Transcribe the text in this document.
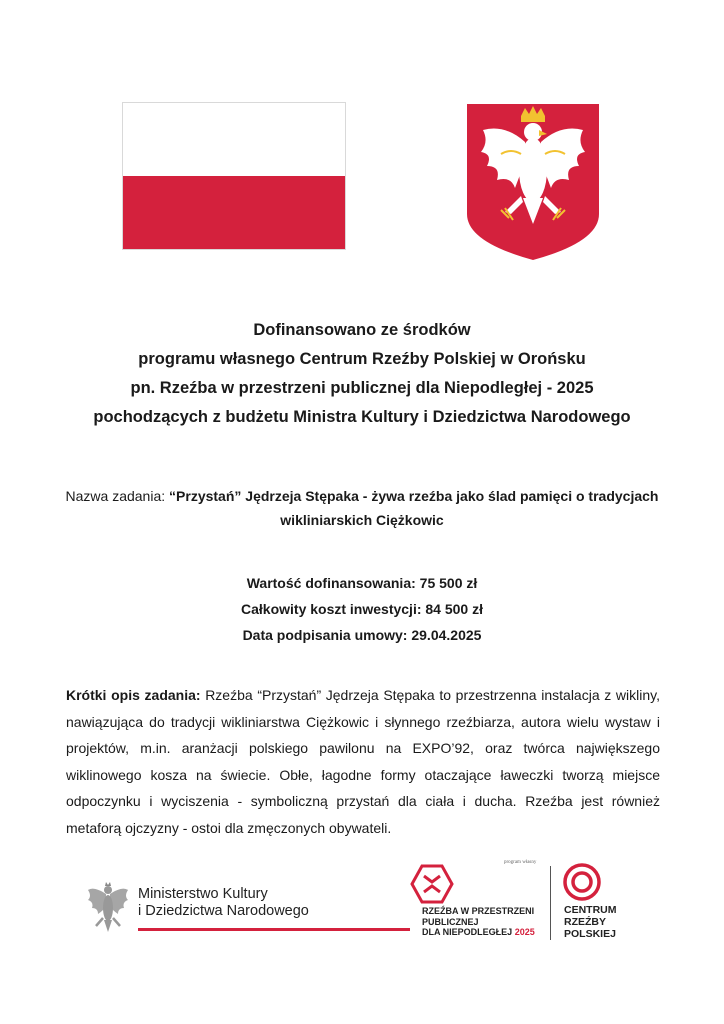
Dofinansowano ze środków
programu własnego Centrum Rzeźby Polskiej w Orońsku
pn. Rzeźba w przestrzeni publicznej dla Niepodległej - 2025
pochodzących z budżetu Ministra Kultury i Dziedzictwa Narodowego
Nazwa zadania: “Przystań” Jędrzeja Stępaka - żywa rzeźba jako ślad pamięci o tradycjach
wikliniarskich Ciężkowic
Wartość dofinansowania: 75 500 zł
Całkowity koszt inwestycji: 84 500 zł
Data podpisania umowy: 29.04.2025
Krótki opis zadania: Rzeźba “Przystań” Jędrzeja Stępaka to przestrzenna instalacja z wikliny, nawiązująca do tradycji wikliniarstwa Ciężkowic i słynnego rzeźbiarza, autora wielu wystaw i projektów, m.in. aranżacji polskiego pawilonu na EXPO’92, oraz twórca największego wiklinowego kosza na świecie. Obłe, łagodne formy otaczające ławeczki tworzą miejsce odpoczynku i wyciszenia - symboliczną przystań dla ciała i ducha. Rzeźba jest również metaforą ojczyzny - ostoi dla zmęczonych obywateli.
Ministerstwo Kultury
i Dziedzictwa Narodowego
program własny
RZEŹBA W PRZESTRZENI
PUBLICZNEJ
DLA NIEPODLEGŁEJ 2025
CENTRUM
RZEŹBY
POLSKIEJ
